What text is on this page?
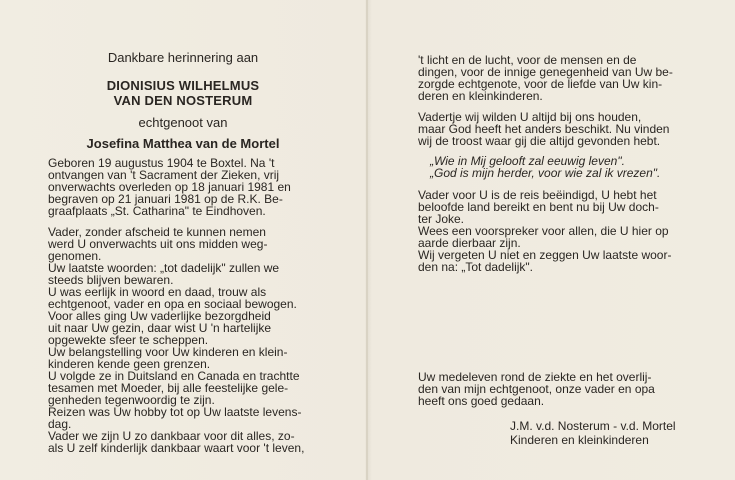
Dankbare herinnering aan
DIONISIUS WILHELMUS
VAN DEN NOSTERUM
echtgenoot van
Josefina Matthea van de Mortel
Geboren 19 augustus 1904 te Boxtel. Na 't
ontvangen van 't Sacrament der Zieken, vrij
onverwachts overleden op 18 januari 1981 en
begraven op 21 januari 1981 op de R.K. Be-
graafplaats „St. Catharina" te Eindhoven.
Vader, zonder afscheid te kunnen nemen
werd U onverwachts uit ons midden weg-
genomen.
Uw laatste woorden: „tot dadelijk" zullen we
steeds blijven bewaren.
U was eerlijk in woord en daad, trouw als
echtgenoot, vader en opa en sociaal bewogen.
Voor alles ging Uw vaderlijke bezorgdheid
uit naar Uw gezin, daar wist U 'n hartelijke
opgewekte sfeer te scheppen.
Uw belangstelling voor Uw kinderen en klein-
kinderen kende geen grenzen.
U volgde ze in Duitsland en Canada en trachtte
tesamen met Moeder, bij alle feestelijke gele-
genheden tegenwoordig te zijn.
Reizen was Uw hobby tot op Uw laatste levens-
dag.
Vader we zijn U zo dankbaar voor dit alles, zo-
als U zelf kinderlijk dankbaar waart voor 't leven,
't licht en de lucht, voor de mensen en de
dingen, voor de innige genegenheid van Uw be-
zorgde echtgenote, voor de liefde van Uw kin-
deren en kleinkinderen.
Vadertje wij wilden U altijd bij ons houden,
maar God heeft het anders beschikt. Nu vinden
wij de troost waar gij die altijd gevonden hebt.
„Wie in Mij gelooft zal eeuwig leven".
„God is mijn herder, voor wie zal ik vrezen".
Vader voor U is de reis beëindigd, U hebt het
beloofde land bereikt en bent nu bij Uw doch-
ter Joke.
Wees een voorspreker voor allen, die U hier op
aarde dierbaar zijn.
Wij vergeten U niet en zeggen Uw laatste woor-
den na: „Tot dadelijk".
Uw medeleven rond de ziekte en het overlij-
den van mijn echtgenoot, onze vader en opa
heeft ons goed gedaan.
J.M. v.d. Nosterum - v.d. Mortel
Kinderen en kleinkinderen
